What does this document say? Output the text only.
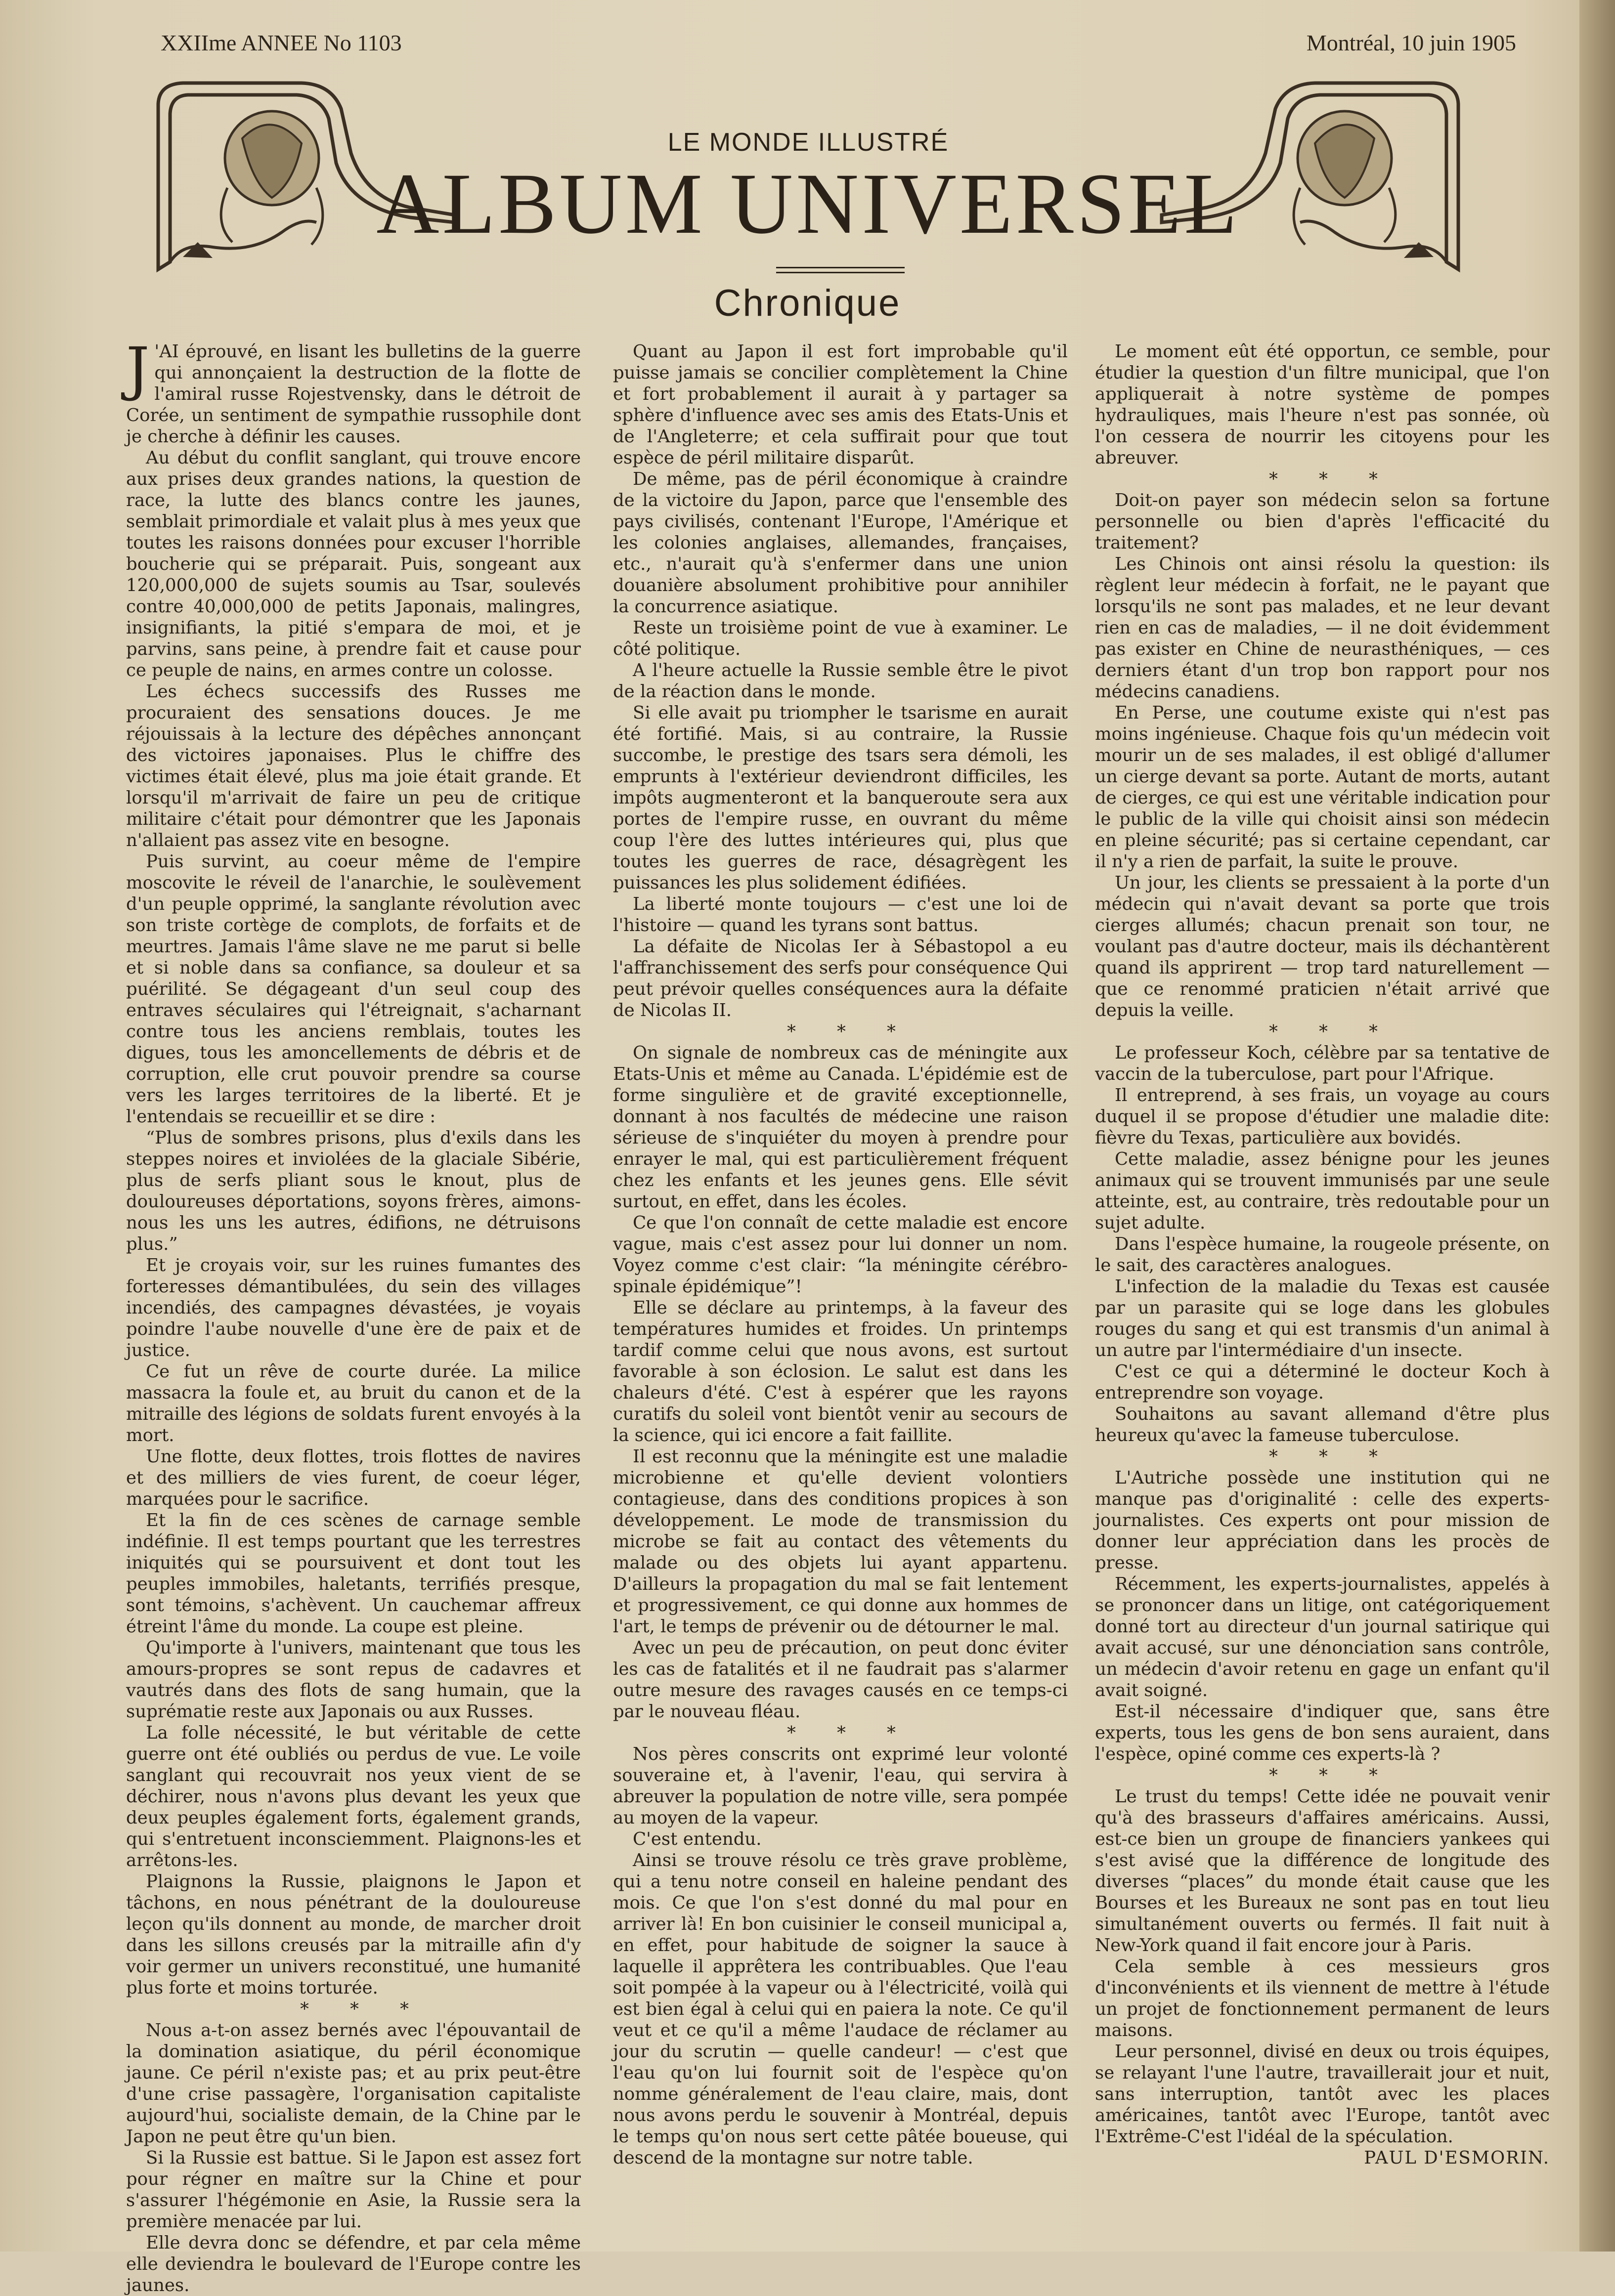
XXIIme ANNEE No 1103	Montréal, 10 juin 1905
LE MONDE ILLUSTRÉ
ALBUM UNIVERSEL
Chronique

J 'AI éprouvé, en lisant les bulletins de la guerre qui annonçaient la destruction de la flotte de l'amiral russe Rojestvensky, dans le détroit de Corée, un sentiment de sympathie russophile dont je cherche à définir les causes.

Au début du conflit sanglant, qui trouve encore aux prises deux grandes nations, la question de race, la lutte des blancs contre les jaunes, semblait primordiale et valait plus à mes yeux que toutes les raisons données pour excuser l'horrible boucherie qui se préparait. Puis, songeant aux 120,000,000 de sujets soumis au Tsar, soulevés contre 40,000,000 de petits Japonais, malingres, insignifiants, la pitié s'empara de moi, et je parvins, sans peine, à prendre fait et cause pour ce peuple de nains, en armes contre un colosse.

Les échecs successifs des Russes me procuraient des sensations douces. Je me réjouissais à la lecture des dépêches annonçant des victoires japonaises. Plus le chiffre des victimes était élevé, plus ma joie était grande. Et lorsqu'il m'arrivait de faire un peu de critique militaire c'était pour démontrer que les Japonais n'allaient pas assez vite en besogne.

Puis survint, au coeur même de l'empire moscovite le réveil de l'anarchie, le soulèvement d'un peuple opprimé, la sanglante révolution avec son triste cortège de complots, de forfaits et de meurtres. Jamais l'âme slave ne me parut si belle et si noble dans sa confiance, sa douleur et sa puérilité. Se dégageant d'un seul coup des entraves séculaires qui l'étreignait, s'acharnant contre tous les anciens remblais, toutes les digues, tous les amoncellements de débris et de corruption, elle crut pouvoir prendre sa course vers les larges territoires de la liberté. Et je l'entendais se recueillir et se dire :

“Plus de sombres prisons, plus d'exils dans les steppes noires et inviolées de la glaciale Sibérie, plus de serfs pliant sous le knout, plus de douloureuses déportations, soyons frères, aimons-nous les uns les autres, édifions, ne détruisons plus.”

Et je croyais voir, sur les ruines fumantes des forteresses démantibulées, du sein des villages incendiés, des campagnes dévastées, je voyais poindre l'aube nouvelle d'une ère de paix et de justice.

Ce fut un rêve de courte durée. La milice massacra la foule et, au bruit du canon et de la mitraille des légions de soldats furent envoyés à la mort.

Une flotte, deux flottes, trois flottes de navires et des milliers de vies furent, de coeur léger, marquées pour le sacrifice.

Et la fin de ces scènes de carnage semble indéfinie. Il est temps pourtant que les terrestres iniquités qui se poursuivent et dont tout les peuples immobiles, haletants, terrifiés presque, sont témoins, s'achèvent. Un cauchemar affreux étreint l'âme du monde. La coupe est pleine.

Qu'importe à l'univers, maintenant que tous les amours-propres se sont repus de cadavres et vautrés dans des flots de sang humain, que la suprématie reste aux Japonais ou aux Russes.

La folle nécessité, le but véritable de cette guerre ont été oubliés ou perdus de vue. Le voile sanglant qui recouvrait nos yeux vient de se déchirer, nous n'avons plus devant les yeux que deux peuples également forts, également grands, qui s'entretuent inconsciemment. Plaignons-les et arrêtons-les.

Plaignons la Russie, plaignons le Japon et tâchons, en nous pénétrant de la douloureuse leçon qu'ils donnent au monde, de marcher droit dans les sillons creusés par la mitraille afin d'y voir germer un univers reconstitué, une humanité plus forte et moins torturée.

* * *

Nous a-t-on assez bernés avec l'épouvantail de la domination asiatique, du péril économique jaune. Ce péril n'existe pas; et au prix peut-être d'une crise passagère, l'organisation capitaliste aujourd'hui, socialiste demain, de la Chine par le Japon ne peut être qu'un bien.

Si la Russie est battue. Si le Japon est assez fort pour régner en maître sur la Chine et pour s'assurer l'hégémonie en Asie, la Russie sera la première menacée par lui.

Elle devra donc se défendre, et par cela même elle deviendra le boulevard de l'Europe contre les jaunes.

Quant au Japon il est fort improbable qu'il puisse jamais se concilier complètement la Chine et fort probablement il aurait à y partager sa sphère d'influence avec ses amis des Etats-Unis et de l'Angleterre; et cela suffirait pour que tout espèce de péril militaire disparût.

De même, pas de péril économique à craindre de la victoire du Japon, parce que l'ensemble des pays civilisés, contenant l'Europe, l'Amérique et les colonies anglaises, allemandes, françaises, etc., n'aurait qu'à s'enfermer dans une union douanière absolument prohibitive pour annihiler la concurrence asiatique.

Reste un troisième point de vue à examiner. Le côté politique.

A l'heure actuelle la Russie semble être le pivot de la réaction dans le monde.

Si elle avait pu triompher le tsarisme en aurait été fortifié. Mais, si au contraire, la Russie succombe, le prestige des tsars sera démoli, les emprunts à l'extérieur deviendront difficiles, les impôts augmenteront et la banqueroute sera aux portes de l'empire russe, en ouvrant du même coup l'ère des luttes intérieures qui, plus que toutes les guerres de race, désagrègent les puissances les plus solidement édifiées.

La liberté monte toujours — c'est une loi de l'histoire — quand les tyrans sont battus.

La défaite de Nicolas Ier à Sébastopol a eu l'affranchissement des serfs pour conséquence Qui peut prévoir quelles conséquences aura la défaite de Nicolas II.

* * *

On signale de nombreux cas de méningite aux Etats-Unis et même au Canada. L'épidémie est de forme singulière et de gravité exceptionnelle, donnant à nos facultés de médecine une raison sérieuse de s'inquiéter du moyen à prendre pour enrayer le mal, qui est particulièrement fréquent chez les enfants et les jeunes gens. Elle sévit surtout, en effet, dans les écoles.

Ce que l'on connaît de cette maladie est encore vague, mais c'est assez pour lui donner un nom. Voyez comme c'est clair: “la méningite cérébro-spinale épidémique”!

Elle se déclare au printemps, à la faveur des températures humides et froides. Un printemps tardif comme celui que nous avons, est surtout favorable à son éclosion. Le salut est dans les chaleurs d'été. C'est à espérer que les rayons curatifs du soleil vont bientôt venir au secours de la science, qui ici encore a fait faillite.

Il est reconnu que la méningite est une maladie microbienne et qu'elle devient volontiers contagieuse, dans des conditions propices à son développement. Le mode de transmission du microbe se fait au contact des vêtements du malade ou des objets lui ayant appartenu. D'ailleurs la propagation du mal se fait lentement et progressivement, ce qui donne aux hommes de l'art, le temps de prévenir ou de détourner le mal.

Avec un peu de précaution, on peut donc éviter les cas de fatalités et il ne faudrait pas s'alarmer outre mesure des ravages causés en ce temps-ci par le nouveau fléau.

* * *

Nos pères conscrits ont exprimé leur volonté souveraine et, à l'avenir, l'eau, qui servira à abreuver la population de notre ville, sera pompée au moyen de la vapeur.

C'est entendu.

Ainsi se trouve résolu ce très grave problème, qui a tenu notre conseil en haleine pendant des mois. Ce que l'on s'est donné du mal pour en arriver là! En bon cuisinier le conseil municipal a, en effet, pour habitude de soigner la sauce à laquelle il apprêtera les contribuables. Que l'eau soit pompée à la vapeur ou à l'électricité, voilà qui est bien égal à celui qui en paiera la note. Ce qu'il veut et ce qu'il a même l'audace de réclamer au jour du scrutin — quelle candeur! — c'est que l'eau qu'on lui fournit soit de l'espèce qu'on nomme généralement de l'eau claire, mais, dont nous avons perdu le souvenir à Montréal, depuis le temps qu'on nous sert cette pâtée boueuse, qui descend de la montagne sur notre table.

Le moment eût été opportun, ce semble, pour étudier la question d'un filtre municipal, que l'on appliquerait à notre système de pompes hydrauliques, mais l'heure n'est pas sonnée, où l'on cessera de nourrir les citoyens pour les abreuver.

* * *

Doit-on payer son médecin selon sa fortune personnelle ou bien d'après l'efficacité du traitement?

Les Chinois ont ainsi résolu la question: ils règlent leur médecin à forfait, ne le payant que lorsqu'ils ne sont pas malades, et ne leur devant rien en cas de maladies, — il ne doit évidemment pas exister en Chine de neurasthéniques, — ces derniers étant d'un trop bon rapport pour nos médecins canadiens.

En Perse, une coutume existe qui n'est pas moins ingénieuse. Chaque fois qu'un médecin voit mourir un de ses malades, il est obligé d'allumer un cierge devant sa porte. Autant de morts, autant de cierges, ce qui est une véritable indication pour le public de la ville qui choisit ainsi son médecin en pleine sécurité; pas si certaine cependant, car il n'y a rien de parfait, la suite le prouve.

Un jour, les clients se pressaient à la porte d'un médecin qui n'avait devant sa porte que trois cierges allumés; chacun prenait son tour, ne voulant pas d'autre docteur, mais ils déchantèrent quand ils apprirent — trop tard naturellement — que ce renommé praticien n'était arrivé que depuis la veille.

* * *

Le professeur Koch, célèbre par sa tentative de vaccin de la tuberculose, part pour l'Afrique.

Il entreprend, à ses frais, un voyage au cours duquel il se propose d'étudier une maladie dite: fièvre du Texas, particulière aux bovidés.

Cette maladie, assez bénigne pour les jeunes animaux qui se trouvent immunisés par une seule atteinte, est, au contraire, très redoutable pour un sujet adulte.

Dans l'espèce humaine, la rougeole présente, on le sait, des caractères analogues.

L'infection de la maladie du Texas est causée par un parasite qui se loge dans les globules rouges du sang et qui est transmis d'un animal à un autre par l'intermédiaire d'un insecte.

C'est ce qui a déterminé le docteur Koch à entreprendre son voyage.

Souhaitons au savant allemand d'être plus heureux qu'avec la fameuse tuberculose.

* * *

L'Autriche possède une institution qui ne manque pas d'originalité : celle des experts-journalistes. Ces experts ont pour mission de donner leur appréciation dans les procès de presse.

Récemment, les experts-journalistes, appelés à se prononcer dans un litige, ont catégoriquement donné tort au directeur d'un journal satirique qui avait accusé, sur une dénonciation sans contrôle, un médecin d'avoir retenu en gage un enfant qu'il avait soigné.

Est-il nécessaire d'indiquer que, sans être experts, tous les gens de bon sens auraient, dans l'espèce, opiné comme ces experts-là ?

* * *

Le trust du temps! Cette idée ne pouvait venir qu'à des brasseurs d'affaires américains. Aussi, est-ce bien un groupe de financiers yankees qui s'est avisé que la différence de longitude des diverses “places” du monde était cause que les Bourses et les Bureaux ne sont pas en tout lieu simultanément ouverts ou fermés. Il fait nuit à New-York quand il fait encore jour à Paris.

Cela semble à ces messieurs gros d'inconvénients et ils viennent de mettre à l'étude un projet de fonctionnement permanent de leurs maisons.

Leur personnel, divisé en deux ou trois équipes, se relayant l'une l'autre, travaillerait jour et nuit, sans interruption, tantôt avec les places américaines, tantôt avec l'Europe, tantôt avec l'Extrême-C'est l'idéal de la spéculation.

PAUL D'ESMORIN.
